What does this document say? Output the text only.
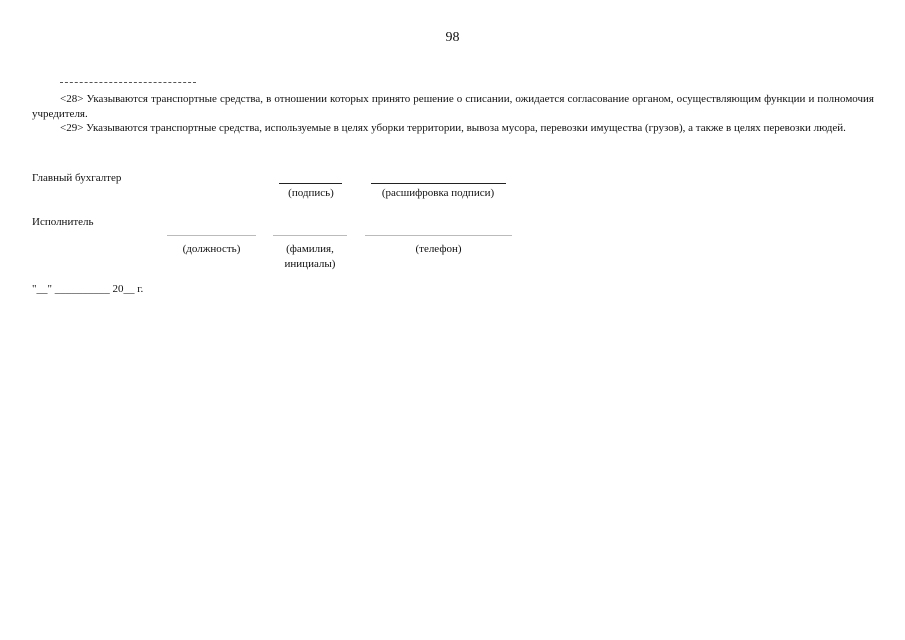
98
<28> Указываются транспортные средства, в отношении которых принято решение о списании, ожидается согласование органом, осуществляющим функции и полномочия учредителя.
<29> Указываются транспортные средства, используемые в целях уборки территории, вывоза мусора, перевозки имущества (грузов), а также в целях перевозки людей.
Главный бухгалтер
(подпись)	(расшифровка подписи)
Исполнитель
(должность)	(фамилия, инициалы)
(телефон)
"__" __________ 20__ г.
